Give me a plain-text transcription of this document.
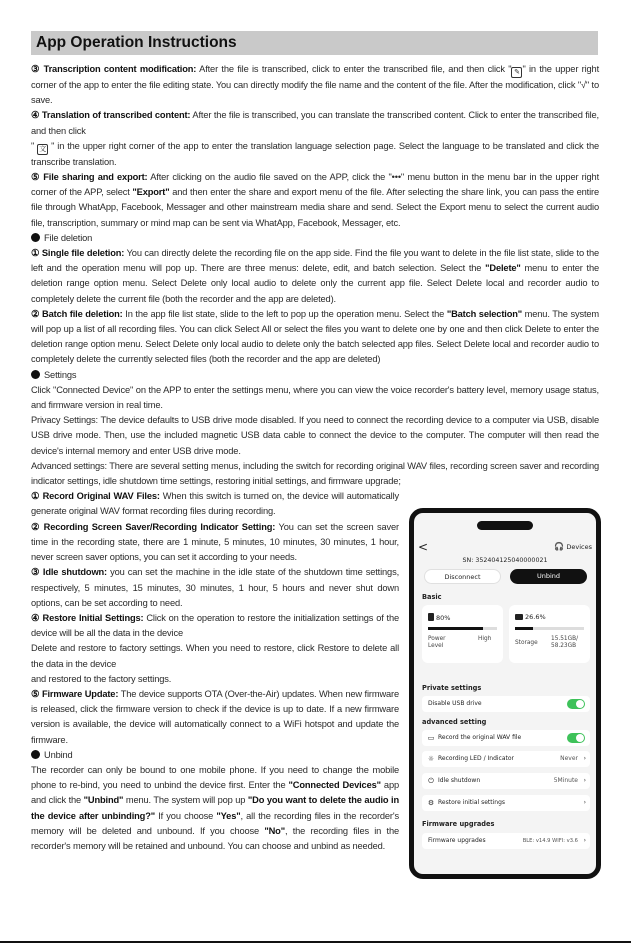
App Operation Instructions

③ Transcription content modification: After the file is transcribed, click to enter the transcribed file, and then click " ✎ " in the upper right corner of the app to enter the file editing state. You can directly modify the file name and the content of the file. After the modification, click "√" to save.

④ Translation of transcribed content: After the file is transcribed, you can translate the transcribed content. Click to enter the transcribed file, and then click
" 文 " in the upper right corner of the app to enter the translation language selection page. Select the language to be translated and click the transcribe translation.

⑤ File sharing and export: After clicking on the audio file saved on the APP, click the "•••" menu button in the menu bar in the upper right corner of the APP, select "Export" and then enter the share and export menu of the file. After selecting the share link, you can pass the entire file through WhatApp, Facebook, Messager and other mainstream media share and send. Select the Export menu to select the current audio file, transcription, summary or mind map can be sent via WhatApp, Facebook, Messager, etc.

File deletion

① Single file deletion: You can directly delete the recording file on the app side. Find the file you want to delete in the file list state, slide to the left and the operation menu will pop up. There are three menus: delete, edit, and batch selection. Select the "Delete" menu to enter the deletion range option menu. Select Delete only local audio to delete only the current app file. Select Delete local and recorder audio to completely delete the current file (both the recorder and the app are deleted).

② Batch file deletion: In the app file list state, slide to the left to pop up the operation menu. Select the "Batch selection" menu. The system will pop up a list of all recording files. You can click Select All or select the files you want to delete one by one and then click Delete to enter the deletion range option menu. Select Delete only local audio to delete only the batch selected app files. Select Delete local and recorder audio to completely delete the currently selected files (both the recorder and the app are deleted)

Settings

Click "Connected Device" on the APP to enter the settings menu, where you can view the voice recorder's battery level, memory usage status, and firmware version in real time.

Privacy Settings: The device defaults to USB drive mode disabled. If you need to connect the recording device to a computer via USB, disable USB drive mode. Then, use the included magnetic USB data cable to connect the device to the computer. The computer will then read the device's internal memory and enter USB drive mode.

Advanced settings: There are several setting menus, including the switch for recording original WAV files, recording screen saver and recording indicator settings, idle shutdown time settings, restoring initial settings, and firmware upgrade;

① Record Original WAV Files: When this switch is turned on, the device will automatically generate original WAV format recording files during recording.

② Recording Screen Saver/Recording Indicator Setting: You can set the screen saver time in the recording state, there are 1 minute, 5 minutes, 10 minutes, 30 minutes, 1 hour, never screen saver options, you can set it according to your needs.

③ Idle shutdown: you can set the machine in the idle state of the shutdown time settings, respectively, 5 minutes, 15 minutes, 30 minutes, 1 hour, 5 hours and never shut down options, can be set according to need.

④ Restore Initial Settings: Click on the operation to restore the initialization settings of the device will be all the data in the device

Delete and restore to factory settings. When you need to restore, click Restore to delete all the data in the device

and restored to the factory settings.

⑤ Firmware Update: The device supports OTA (Over-the-Air) updates. When new firmware is released, click the firmware version to check if the device is up to date. If a new firmware version is available, the device will automatically connect to a WiFi hotspot and update the firmware.

Unbind

The recorder can only be bound to one mobile phone. If you need to change the mobile phone to re-bind, you need to unbind the device first. Enter the "Connected Devices" app and click the "Unbind" menu. The system will pop up "Do you want to delete the audio in the device after unbinding?" If you choose "Yes", all the recording files in the recorder's memory will be deleted and unbound. If you choose "No", the recording files in the recorder's memory will be retained and unbound. You can choose and unbind as needed.

<	🎧 Devices
SN: 352404125040000021
Disconnect	Unbind
Basic
80%
Power Level
High
26.6%
Storage
15.51GB/ 58.23GB
Private settings
Disable USB drive
advanced setting
▭ Record the original WAV file
☼ Recording LED / Indicator	Never ›
⏻ Idle shutdown	5Minute ›
⚙ Restore initial settings	›
Firmware upgrades
Firmware upgrades	BLE: v14.9 WIFI: v3.6 ›
